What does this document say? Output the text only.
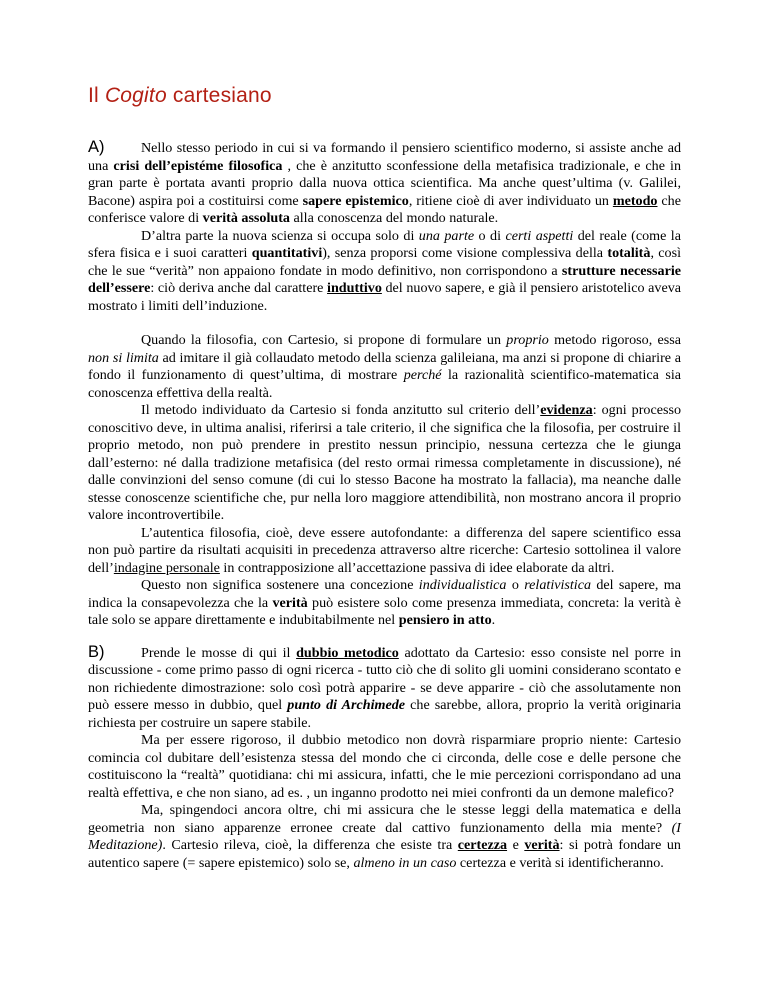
Il Cogito cartesiano

A)	Nello stesso periodo in cui si va formando il pensiero scientifico moderno, si assiste anche ad una crisi dell’epistéme filosofica , che è anzitutto sconfessione della metafisica tradizionale, e che in gran parte è portata avanti proprio dalla nuova ottica scientifica. Ma anche quest’ultima (v. Galilei, Bacone) aspira poi a costituirsi come sapere epistemico, ritiene cioè di aver individuato un metodo che conferisce valore di verità assoluta alla conoscenza del mondo naturale.

D’altra parte la nuova scienza si occupa solo di una parte o di certi aspetti del reale (come la sfera fisica e i suoi caratteri quantitativi), senza proporsi come visione complessiva della totalità, così che le sue “verità” non appaiono fondate in modo definitivo, non corrispondono a strutture necessarie dell’essere: ciò deriva anche dal carattere induttivo del nuovo sapere, e già il pensiero aristotelico aveva mostrato i limiti dell’induzione.

Quando la filosofia, con Cartesio, si propone di formulare un proprio metodo rigoroso, essa non si limita ad imitare il già collaudato metodo della scienza galileiana, ma anzi si propone di chiarire a fondo il funzionamento di quest’ultima, di mostrare perché la razionalità scientifico-matematica sia conoscenza effettiva della realtà.

Il metodo individuato da Cartesio si fonda anzitutto sul criterio dell’evidenza: ogni processo conoscitivo deve, in ultima analisi, riferirsi a tale criterio, il che significa che la filosofia, per costruire il proprio metodo, non può prendere in prestito nessun principio, nessuna certezza che le giunga dall’esterno: né dalla tradizione metafisica (del resto ormai rimessa completamente in discussione), né dalle convinzioni del senso comune (di cui lo stesso Bacone ha mostrato la fallacia), ma neanche dalle stesse conoscenze scientifiche che, pur nella loro maggiore attendibilità, non mostrano ancora il proprio valore incontrovertibile.

L’autentica filosofia, cioè, deve essere autofondante: a differenza del sapere scientifico essa non può partire da risultati acquisiti in precedenza attraverso altre ricerche: Cartesio sottolinea il valore dell’indagine personale in contrapposizione all’accettazione passiva di idee elaborate da altri.

Questo non significa sostenere una concezione individualistica o relativistica del sapere, ma indica la consapevolezza che la verità può esistere solo come presenza immediata, concreta: la verità è tale solo se appare direttamente e indubitabilmente nel pensiero in atto.

B)	Prende le mosse di qui il dubbio metodico adottato da Cartesio: esso consiste nel porre in discussione - come primo passo di ogni ricerca - tutto ciò che di solito gli uomini considerano scontato e non richiedente dimostrazione: solo così potrà apparire - se deve apparire - ciò che assolutamente non può essere messo in dubbio, quel punto di Archimede che sarebbe, allora, proprio la verità originaria richiesta per costruire un sapere stabile.

Ma per essere rigoroso, il dubbio metodico non dovrà risparmiare proprio niente: Cartesio comincia col dubitare dell’esistenza stessa del mondo che ci circonda, delle cose e delle persone che costituiscono la “realtà” quotidiana: chi mi assicura, infatti, che le mie percezioni corrispondano ad una realtà effettiva, e che non siano, ad es. , un inganno prodotto nei miei confronti da un demone malefico?

Ma, spingendoci ancora oltre, chi mi assicura che le stesse leggi della matematica e della geometria non siano apparenze erronee create dal cattivo funzionamento della mia mente? (I Meditazione). Cartesio rileva, cioè, la differenza che esiste tra certezza e verità: si potrà fondare un autentico sapere (= sapere epistemico) solo se, almeno in un caso certezza e verità si identificheranno.
